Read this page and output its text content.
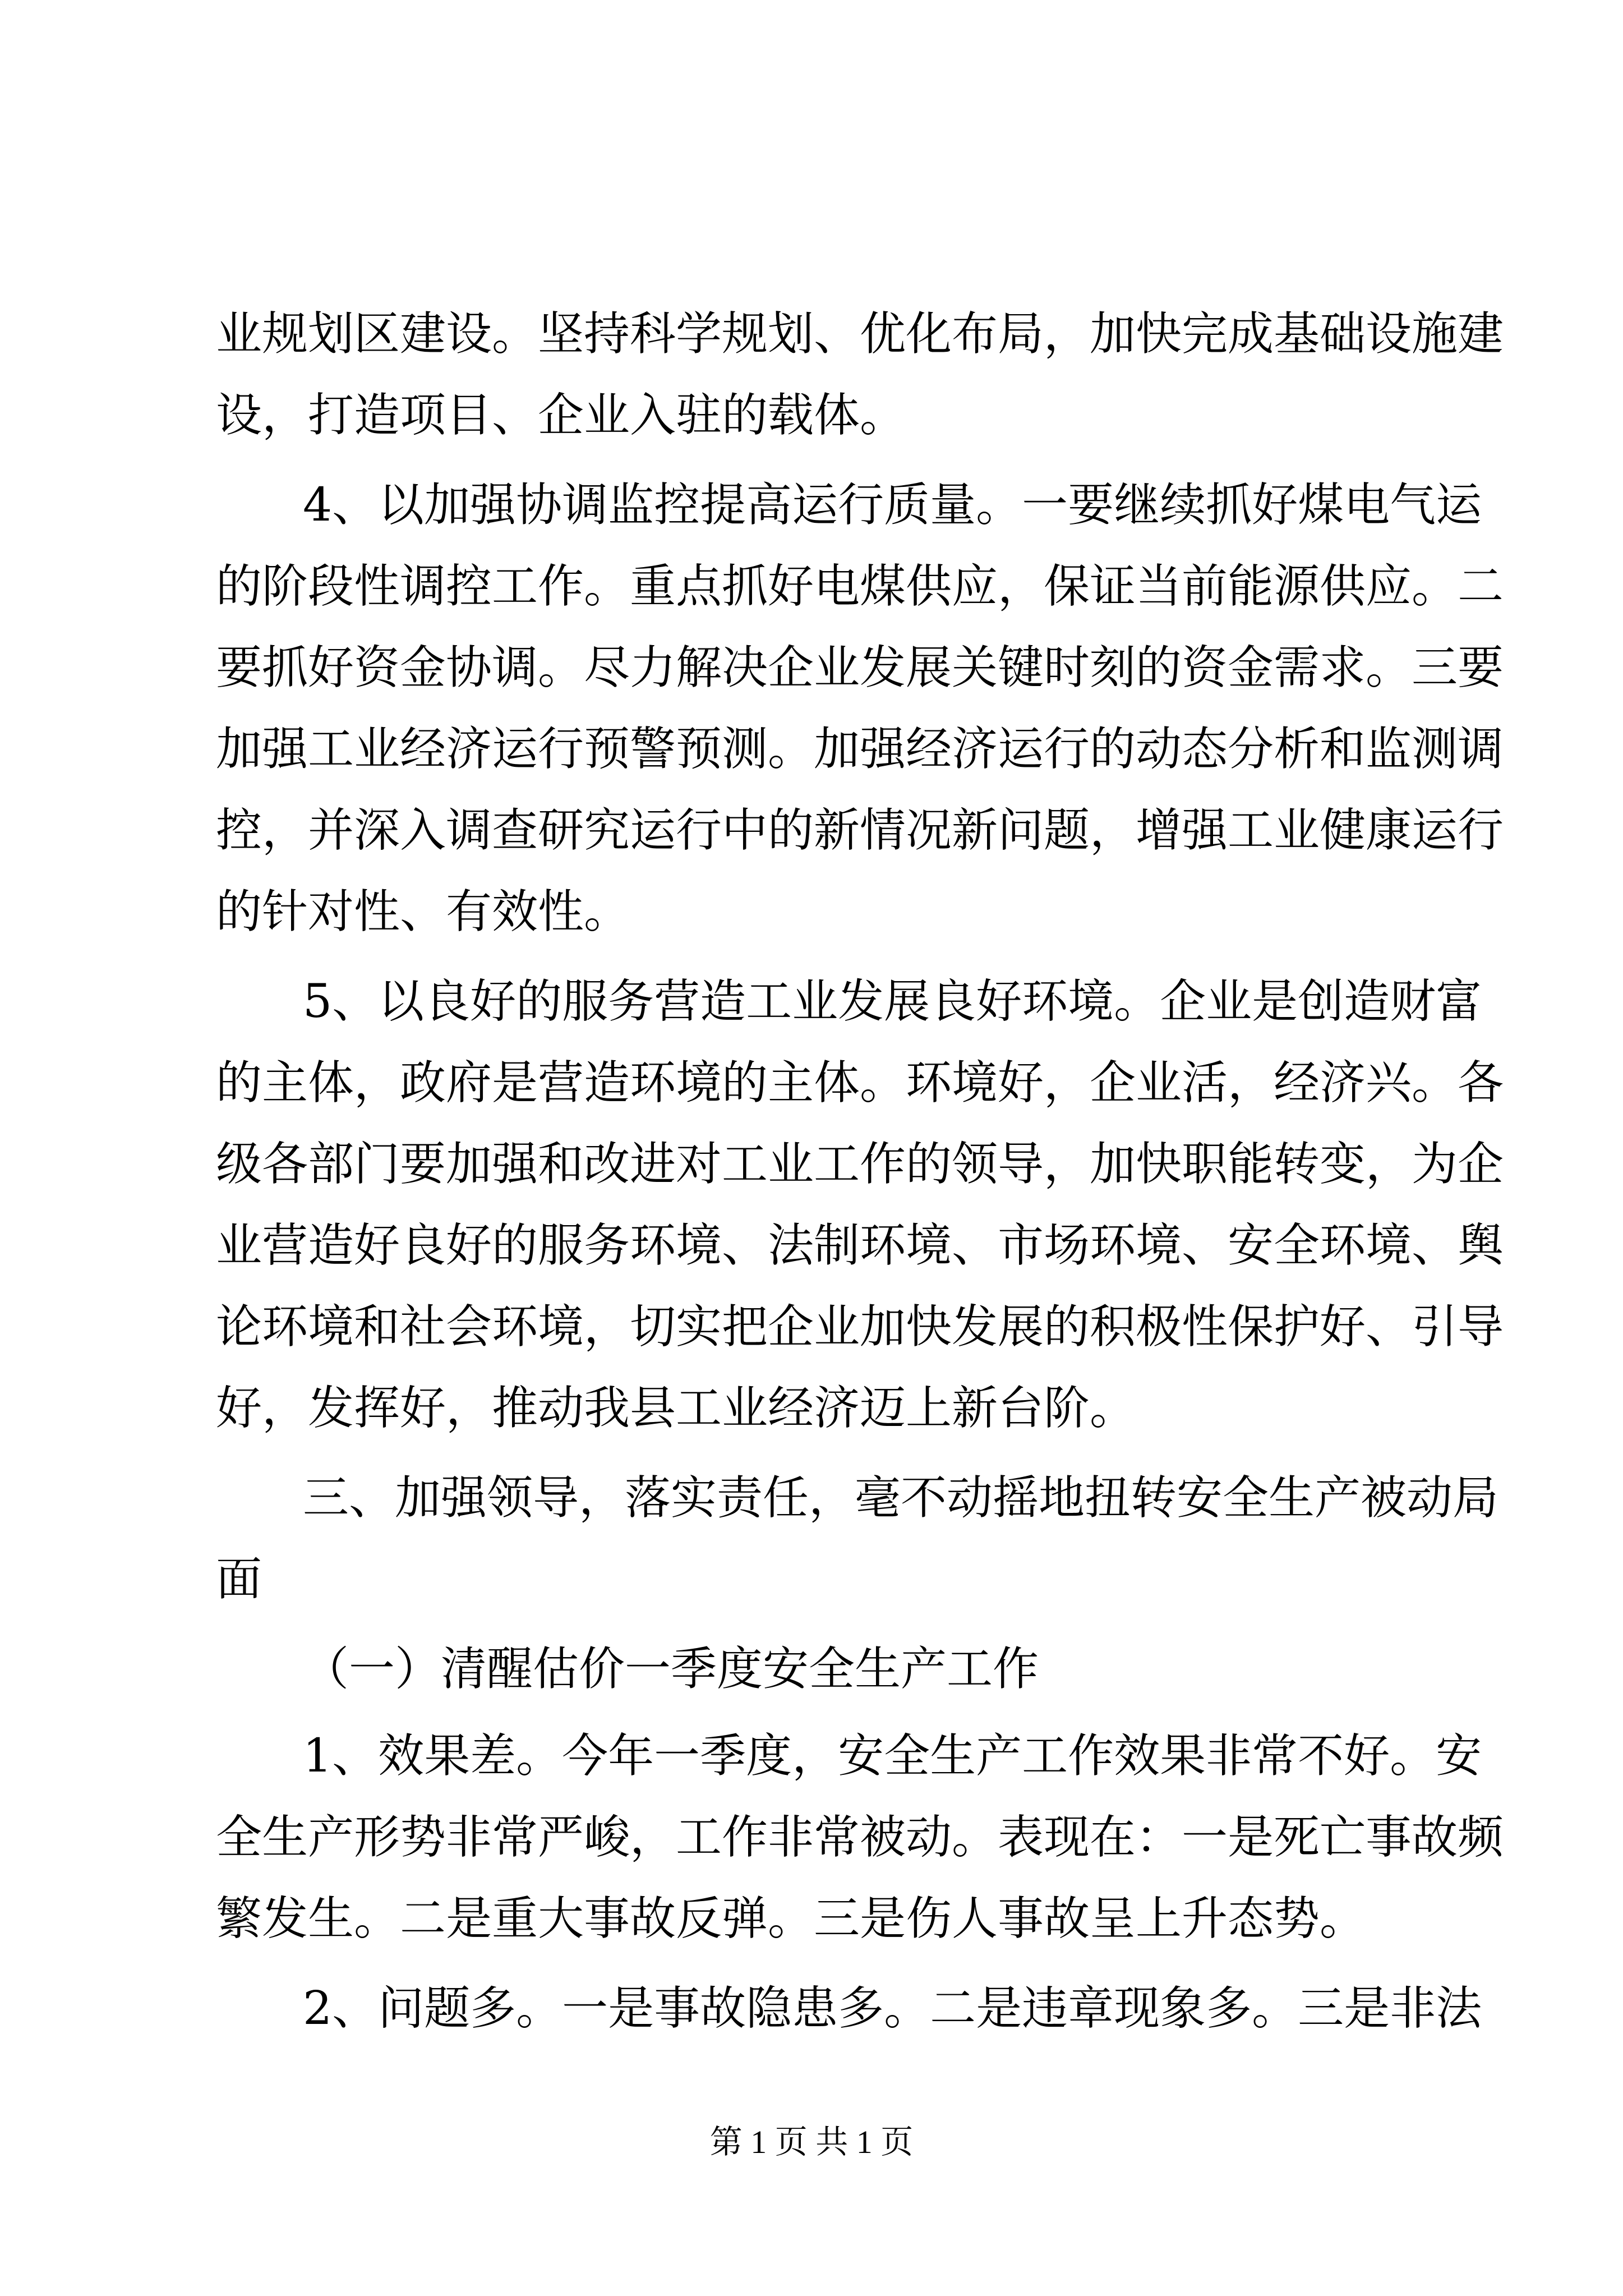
业规划区建设。坚持科学规划、优化布局，加快完成基础设施建
设，打造项目、企业入驻的载体。
4、以加强协调监控提高运行质量。一要继续抓好煤电气运
的阶段性调控工作。重点抓好电煤供应，保证当前能源供应。二
要抓好资金协调。尽力解决企业发展关键时刻的资金需求。三要
加强工业经济运行预警预测。加强经济运行的动态分析和监测调
控，并深入调查研究运行中的新情况新问题，增强工业健康运行
的针对性、有效性。
5、以良好的服务营造工业发展良好环境。企业是创造财富
的主体，政府是营造环境的主体。环境好，企业活，经济兴。各
级各部门要加强和改进对工业工作的领导，加快职能转变，为企
业营造好良好的服务环境、法制环境、市场环境、安全环境、舆
论环境和社会环境，切实把企业加快发展的积极性保护好、引导
好，发挥好，推动我县工业经济迈上新台阶。
三、加强领导，落实责任，毫不动摇地扭转安全生产被动局
面
（一）清醒估价一季度安全生产工作
1、效果差。今年一季度，安全生产工作效果非常不好。安
全生产形势非常严峻，工作非常被动。表现在：一是死亡事故频
繁发生。二是重大事故反弹。三是伤人事故呈上升态势。
2、问题多。一是事故隐患多。二是违章现象多。三是非法
第 1 页 共 1 页
